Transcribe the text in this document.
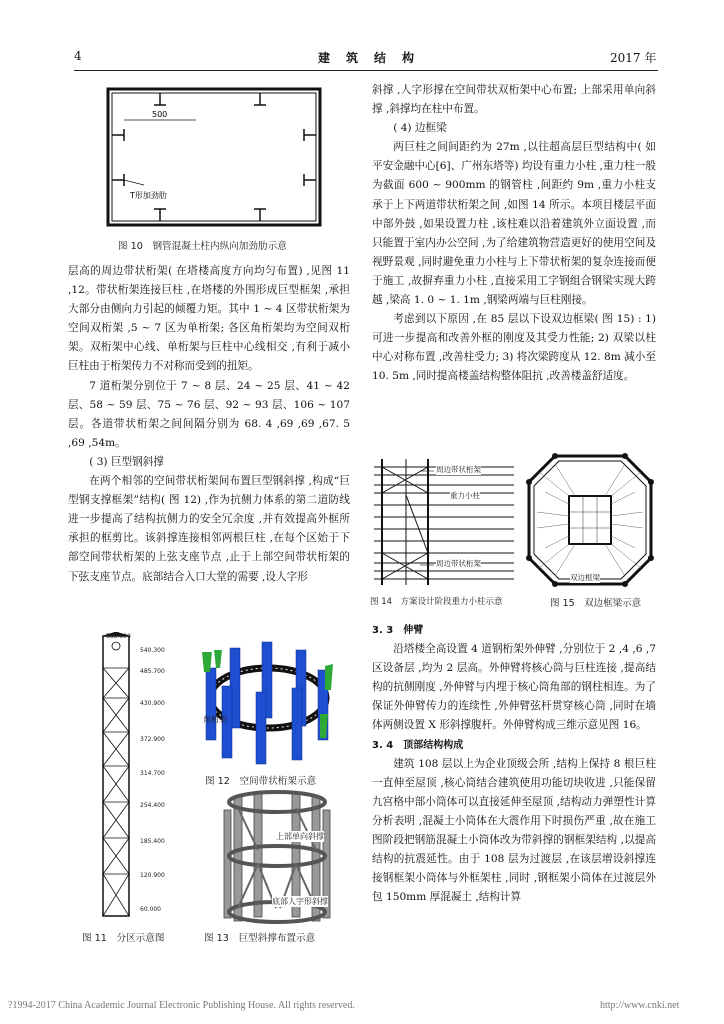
4	建　筑　结　构	2017 年
500
T形加劲肋
图 10　钢管混凝土柱内纵向加劲肋示意

层高的周边带状桁架( 在塔楼高度方向均匀布置) ,见图 11 ,12。带状桁架连接巨柱 ,在塔楼的外围形成巨型框架 ,承担大部分由侧向力引起的倾覆力矩。其中 1 ~ 4 区带状桁架为空间双桁架 ,5 ~ 7 区为单桁架; 各区角桁架均为空间双桁架。双桁架中心线、单桁架与巨柱中心线相交 ,有利于减小巨柱由于桁架传力不对称而受到的扭矩。

7 道桁架分别位于 7 ~ 8 层、24 ~ 25 层、41 ~ 42 层、58 ~ 59 层、75 ~ 76 层、92 ~ 93 层、106 ~ 107 层。各道带状桁架之间间隔分别为 68. 4 ,69 ,69 ,67. 5 ,69 ,54m。

( 3) 巨型钢斜撑

在两个相邻的空间带状桁架间布置巨型钢斜撑 ,构成“巨型钢支撑框架”结构( 图 12) ,作为抗侧力体系的第二道防线进一步提高了结构抗侧力的安全冗余度 ,并有效提高外框所承担的框剪比。该斜撑连接相邻两根巨柱 ,在每个区始于下部空间带状桁架的上弦支座节点 ,止于上部空间带状桁架的下弦支座节点。底部结合入口大堂的需要 ,设人字形

585.000
540.300
485.700
430.900
372.900
314.700
254.400
185.400
120.900
60.000
图 11　分区示意图
角桁架
图 12　空间带状桁架示意
上部单向斜撑
底部人字形斜撑
图 13　巨型斜撑布置示意

斜撑 ,人字形撑在空间带状双桁架中心布置; 上部采用单向斜撑 ,斜撑均在柱中布置。

( 4) 边框梁

两巨柱之间间距约为 27m ,以往超高层巨型结构中( 如平安金融中心[6]、广州东塔等) 均设有重力小柱 ,重力柱一般为截面 600 ~ 900mm 的钢管柱 ,间距约 9m ,重力小柱支承于上下两道带状桁架之间 ,如图 14 所示。本项目楼层平面中部外鼓 ,如果设置力柱 ,该柱难以沿着建筑外立面设置 ,而只能置于室内办公空间 ,为了给建筑物营造更好的使用空间及视野景观 ,同时避免重力小柱与上下带状桁架的复杂连接而便于施工 ,故摒弃重力小柱 ,直接采用工字钢组合钢梁实现大跨越 ,梁高 1. 0 ~ 1. 1m ,钢梁两端与巨柱刚接。

考虑到以下原因 ,在 85 层以下设双边框梁( 图 15) : 1) 可进一步提高和改善外框的刚度及其受力性能; 2) 双梁以柱中心对称布置 ,改善柱受力; 3) 将次梁跨度从 12. 8m 减小至 10. 5m ,同时提高楼盖结构整体阻抗 ,改善楼盖舒适度。

周边带状桁架
重力小柱
周边带状桁架
图 14　方案设计阶段重力小柱示意
双边框梁
图 15　双边框梁示意

3. 3　伸臂

沿塔楼全高设置 4 道钢桁架外伸臂 ,分别位于 2 ,4 ,6 ,7 区设备层 ,均为 2 层高。外伸臂将核心筒与巨柱连接 ,提高结构的抗侧刚度 ,外伸臂与内埋于核心筒角部的钢柱相连。为了保证外伸臂传力的连续性 ,外伸臂弦杆贯穿核心筒 ,同时在墙体两侧设置 X 形斜撑腹杆。外伸臂构成三维示意见图 16。

3. 4　顶部结构构成

建筑 108 层以上为企业顶级会所 ,结构上保持 8 根巨柱一直伸至屋顶 ,核心筒结合建筑使用功能切块收进 ,只能保留九宫格中部小筒体可以直接延伸至屋顶 ,结构动力弹塑性计算分析表明 ,混凝土小筒体在大震作用下时损伤严重 ,故在施工图阶段把钢筋混凝土小筒体改为带斜撑的钢框架结构 ,以提高结构的抗震延性。由于 108 层为过渡层 ,在该层增设斜撑连接钢框架小筒体与外框架柱 ,同时 ,钢框架小筒体在过渡层外包 150mm 厚混凝土 ,结构计算

?1994-2017 China Academic Journal Electronic Publishing House. All rights reserved.	http://www.cnki.net
